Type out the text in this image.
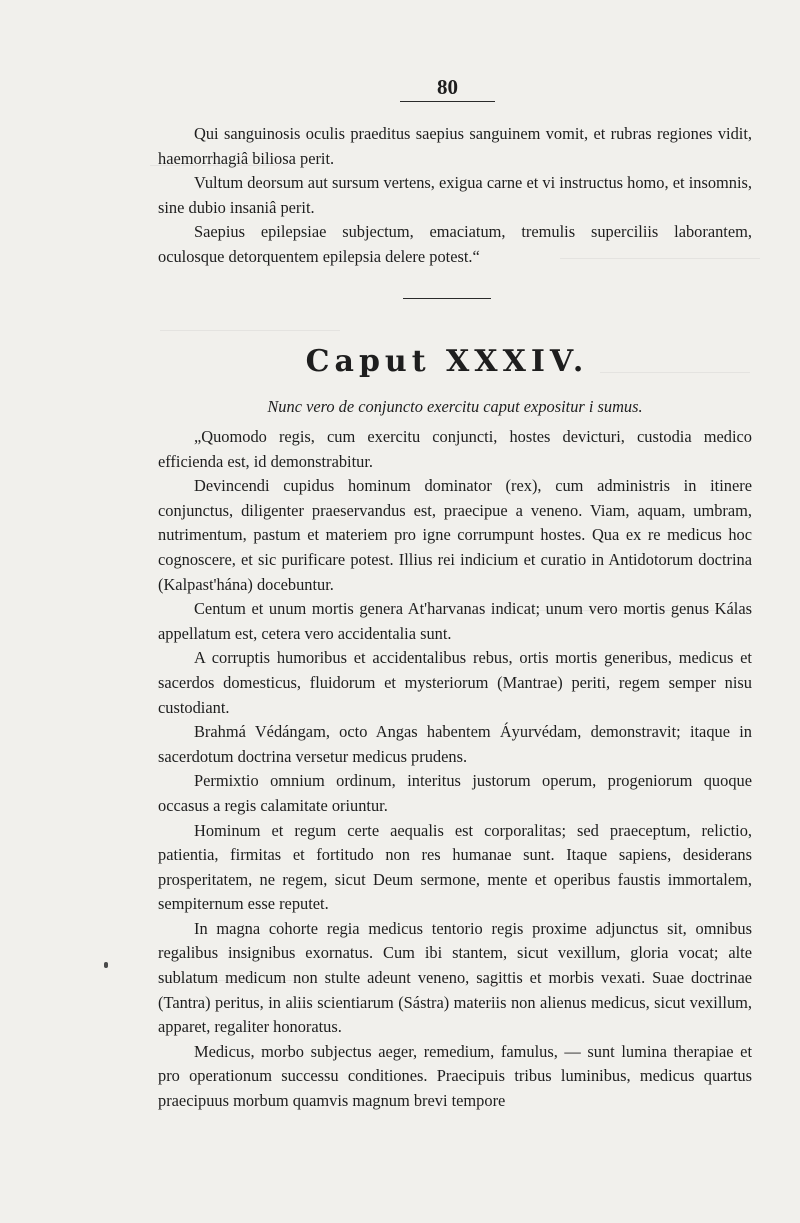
80

Qui sanguinosis oculis praeditus saepius sanguinem vomit, et rubras regiones vidit, haemorrhagiâ biliosa perit.

Vultum deorsum aut sursum vertens, exigua carne et vi instructus homo, et insomnis, sine dubio insaniâ perit.

Saepius epilepsiae subjectum, emaciatum, tremulis superciliis laborantem, oculosque detorquentem epilepsia delere potest.“

Caput XXXIV.
Nunc vero de conjuncto exercitu caput expositur i sumus.

„Quomodo regis, cum exercitu conjuncti, hostes devicturi, custodia medico efficienda est, id demonstrabitur.

Devincendi cupidus hominum dominator (rex), cum administris in itinere conjunctus, diligenter praeservandus est, praecipue a veneno. Viam, aquam, umbram, nutrimentum, pastum et materiem pro igne corrumpunt hostes. Qua ex re medicus hoc cognoscere, et sic purificare potest. Illius rei indicium et curatio in Antidotorum doctrina (Kalpast'hána) docebuntur.

Centum et unum mortis genera At'harvanas indicat; unum vero mortis genus Kálas appellatum est, cetera vero accidentalia sunt.

A corruptis humoribus et accidentalibus rebus, ortis mortis generibus, medicus et sacerdos domesticus, fluidorum et mysteriorum (Mantrae) periti, regem semper nisu custodiant.

Brahmá Védángam, octo Angas habentem Áyurvédam, demonstravit; itaque in sacerdotum doctrina versetur medicus prudens.

Permixtio omnium ordinum, interitus justorum operum, progeniorum quoque occasus a regis calamitate oriuntur.

Hominum et regum certe aequalis est corporalitas; sed praeceptum, relictio, patientia, firmitas et fortitudo non res humanae sunt. Itaque sapiens, desiderans prosperitatem, ne regem, sicut Deum sermone, mente et operibus faustis immortalem, sempiternum esse reputet.

In magna cohorte regia medicus tentorio regis proxime adjunctus sit, omnibus regalibus insignibus exornatus. Cum ibi stantem, sicut vexillum, gloria vocat; alte sublatum medicum non stulte adeunt veneno, sagittis et morbis vexati. Suae doctrinae (Tantra) peritus, in aliis scientiarum (Sástra) materiis non alienus medicus, sicut vexillum, apparet, regaliter honoratus.

Medicus, morbo subjectus aeger, remedium, famulus, — sunt lumina therapiae et pro operationum successu conditiones. Praecipuis tribus luminibus, medicus quartus praecipuus morbum quamvis magnum brevi tempore
